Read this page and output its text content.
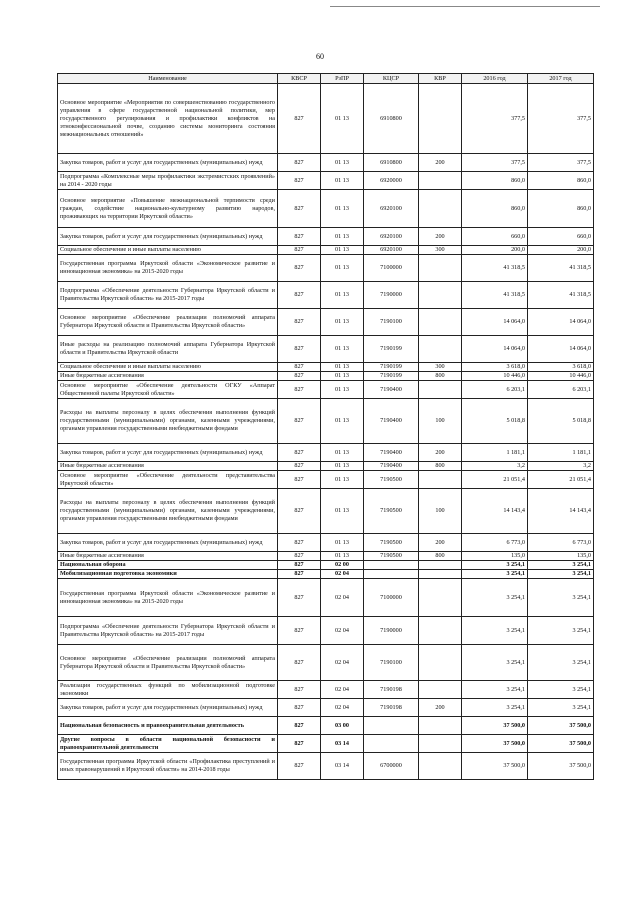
60
Наименование	КВСР	РзПР	КЦСР	КВР	2016 год	2017 год
Основное мероприятие «Мероприятия по совершенствованию государственного управления в сфере государственной национальной политики, мер государственного регулирования и профилактики конфликтов на этноконфессиональной почве, созданию системы мониторинга состояния межнациональных отношений»	827	01 13	6910800		377,5	377,5
Закупка товаров, работ и услуг для государственных (муниципальных) нужд	827	01 13	6910800	200	377,5	377,5
Подпрограмма «Комплексные меры профилактики экстремистских проявлений» на 2014 - 2020 годы	827	01 13	6920000		860,0	860,0
Основное мероприятие «Повышение межнациональной терпимости среди граждан, содействие национально-культурному развитию народов, проживающих на территории Иркутской области»	827	01 13	6920100		860,0	860,0
Закупка товаров, работ и услуг для государственных (муниципальных) нужд	827	01 13	6920100	200	660,0	660,0
Социальное обеспечение и иные выплаты населению	827	01 13	6920100	300	200,0	200,0
Государственная программа Иркутской области «Экономическое развитие и инновационная экономика» на 2015-2020 годы	827	01 13	7100000		41 318,5	41 318,5
Подпрограмма «Обеспечение деятельности Губернатора Иркутской области и Правительства Иркутской области» на 2015-2017 годы	827	01 13	7190000		41 318,5	41 318,5
Основное мероприятие «Обеспечение реализации полномочий аппарата Губернатора Иркутской области и Правительства Иркутской области»	827	01 13	7190100		14 064,0	14 064,0
Иные расходы на реализацию полномочий аппарата Губернатора Иркутской области и Правительства Иркутской области	827	01 13	7190199		14 064,0	14 064,0
Социальное обеспечение и иные выплаты населению	827	01 13	7190199	300	3 618,0	3 618,0
Иные бюджетные ассигнования	827	01 13	7190199	800	10 446,0	10 446,0
Основное мероприятие «Обеспечение деятельности ОГКУ «Аппарат Общественной палаты Иркутской области»	827	01 13	7190400		6 203,1	6 203,1
Расходы на выплаты персоналу в целях обеспечения выполнения функций государственными (муниципальными) органами, казенными учреждениями, органами управления государственными внебюджетными фондами	827	01 13	7190400	100	5 018,8	5 018,8
Закупка товаров, работ и услуг для государственных (муниципальных) нужд	827	01 13	7190400	200	1 181,1	1 181,1
Иные бюджетные ассигнования	827	01 13	7190400	800	3,2	3,2
Основное мероприятие «Обеспечение деятельности представительства Иркутской области»	827	01 13	7190500		21 051,4	21 051,4
Расходы на выплаты персоналу в целях обеспечения выполнения функций государственными (муниципальными) органами, казенными учреждениями, органами управления государственными внебюджетными фондами	827	01 13	7190500	100	14 143,4	14 143,4
Закупка товаров, работ и услуг для государственных (муниципальных) нужд	827	01 13	7190500	200	6 773,0	6 773,0
Иные бюджетные ассигнования	827	01 13	7190500	800	135,0	135,0
Национальная оборона	827	02 00			3 254,1	3 254,1
Мобилизационная подготовка экономики	827	02 04			3 254,1	3 254,1
Государственная программа Иркутской области «Экономическое развитие и инновационная экономика» на 2015-2020 годы	827	02 04	7100000		3 254,1	3 254,1
Подпрограмма «Обеспечение деятельности Губернатора Иркутской области и Правительства Иркутской области» на 2015-2017 годы	827	02 04	7190000		3 254,1	3 254,1
Основное мероприятие «Обеспечение реализации полномочий аппарата Губернатора Иркутской области и Правительства Иркутской области»	827	02 04	7190100		3 254,1	3 254,1
Реализация государственных функций по мобилизационной подготовке экономики	827	02 04	7190198		3 254,1	3 254,1
Закупка товаров, работ и услуг для государственных (муниципальных) нужд	827	02 04	7190198	200	3 254,1	3 254,1
Национальная безопасность и правоохранительная деятельность	827	03 00			37 500,0	37 500,0
Другие вопросы в области национальной безопасности и правоохранительной деятельности	827	03 14			37 500,0	37 500,0
Государственная программа Иркутской области «Профилактика преступлений и иных правонарушений в Иркутской области» на 2014-2018 годы	827	03 14	6700000		37 500,0	37 500,0
